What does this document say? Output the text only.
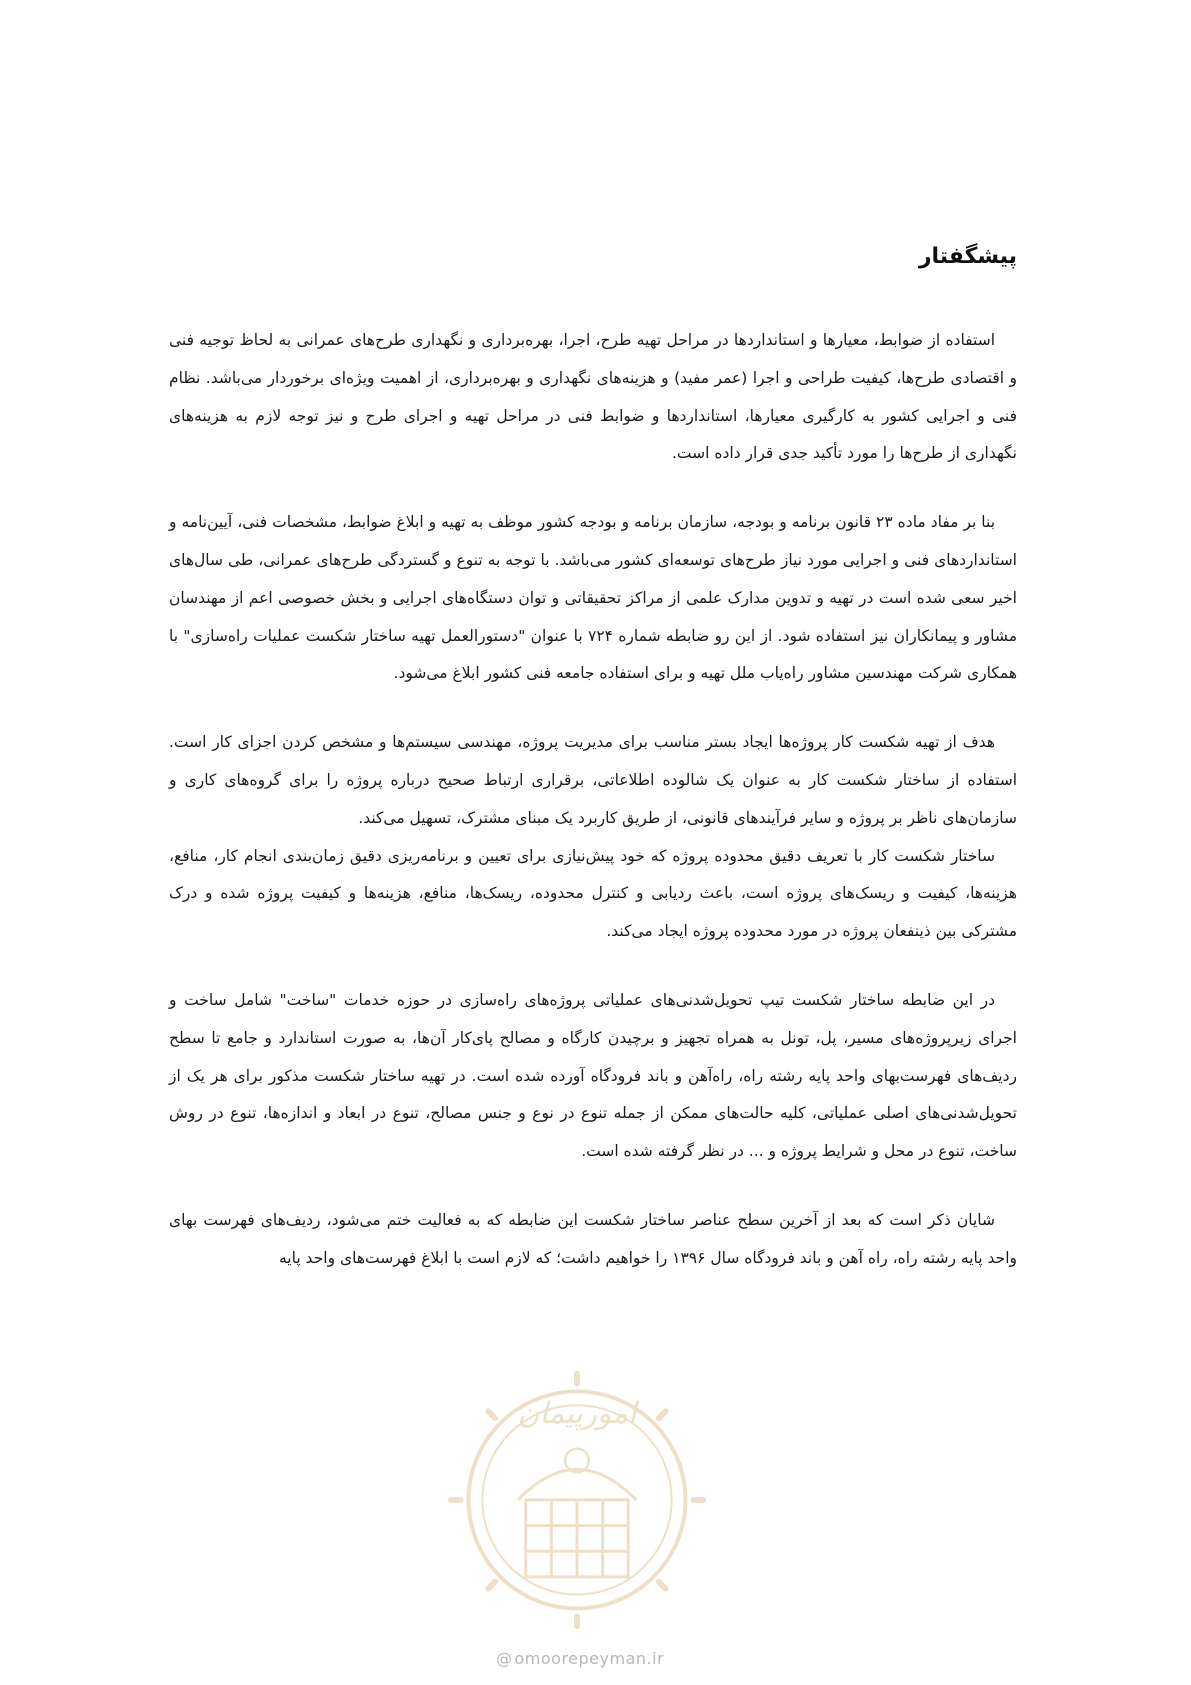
پیشگفتار

استفاده از ضوابط، معیارها و استانداردها در مراحل تهیه طرح، اجرا، بهره‌برداری و نگهداری طرح‌های عمرانی به لحاظ توجیه فنی و اقتصادی طرح‌ها، کیفیت طراحی و اجرا (عمر مفید) و هزینه‌های نگهداری و بهره‌برداری، از اهمیت ویژه‌ای برخوردار می‌باشد. نظام فنی و اجرایی کشور به کارگیری معیارها، استانداردها و ضوابط فنی در مراحل تهیه و اجرای طرح و نیز توجه لازم به هزینه‌های نگهداری از طرح‌ها را مورد تأکید جدی قرار داده است.

بنا بر مفاد ماده ۲۳ قانون برنامه و بودجه، سازمان برنامه و بودجه کشور موظف به تهیه و ابلاغ ضوابط، مشخصات فنی، آیین‌نامه و استانداردهای فنی و اجرایی مورد نیاز طرح‌های توسعه‌ای کشور می‌باشد. با توجه به تنوع و گستردگی طرح‌های عمرانی، طی سال‌های اخیر سعی شده است در تهیه و تدوین مدارک علمی از مراکز تحقیقاتی و توان دستگاه‌های اجرایی و بخش خصوصی اعم از مهندسان مشاور و پیمانکاران نیز استفاده شود. از این رو ضابطه شماره ۷۲۴ با عنوان "دستورالعمل تهیه ساختار شکست عملیات راه‌سازی" با همکاری شرکت مهندسین مشاور راه‌یاب ملل تهیه و برای استفاده جامعه فنی کشور ابلاغ می‌شود.

هدف از تهیه شکست کار پروژه‌ها ایجاد بستر مناسب برای مدیریت پروژه، مهندسی سیستم‌ها و مشخص کردن اجزای کار است. استفاده از ساختار شکست کار به عنوان یک شالوده اطلاعاتی، برقراری ارتباط صحیح درباره پروژه را برای گروه‌های کاری و سازمان‌های ناظر بر پروژه و سایر فرآیندهای قانونی، از طریق کاربرد یک مبنای مشترک، تسهیل می‌کند.

ساختار شکست کار با تعریف دقیق محدوده پروژه که خود پیش‌نیازی برای تعیین و برنامه‌ریزی دقیق زمان‌بندی انجام کار، منافع، هزینه‌ها، کیفیت و ریسک‌های پروژه است، باعث ردیابی و کنترل محدوده، ریسک‌ها، منافع، هزینه‌ها و کیفیت پروژه شده و درک مشترکی بین ذینفعان پروژه در مورد محدوده پروژه ایجاد می‌کند.

در این ضابطه ساختار شکست تیپ تحویل‌شدنی‌های عملیاتی پروژه‌های راه‌سازی در حوزه خدمات "ساخت" شامل ساخت و اجرای زیرپروژه‌های مسیر، پل، تونل به همراه تجهیز و برچیدن کارگاه و مصالح پای‌کار آن‌ها، به صورت استاندارد و جامع تا سطح ردیف‌های فهرست‌بهای واحد پایه رشته راه، راه‌آهن و باند فرودگاه آورده شده است. در تهیه ساختار شکست مذکور برای هر یک از تحویل‌شدنی‌های اصلی عملیاتی، کلیه حالت‌های ممکن از جمله تنوع در نوع و جنس مصالح، تنوع در ابعاد و اندازه‌ها، تنوع در روش ساخت، تنوع در محل و شرایط پروژه و ... در نظر گرفته شده است.

شایان ذکر است که بعد از آخرین سطح عناصر ساختار شکست این ضابطه که به فعالیت ختم می‌شود، ردیف‌های فهرست بهای واحد پایه رشته راه، راه آهن و باند فرودگاه سال ۱۳۹۶ را خواهیم داشت؛ که لازم است با ابلاغ فهرست‌های واحد پایه

امورپیمان
@ omoorepeyman.ir
